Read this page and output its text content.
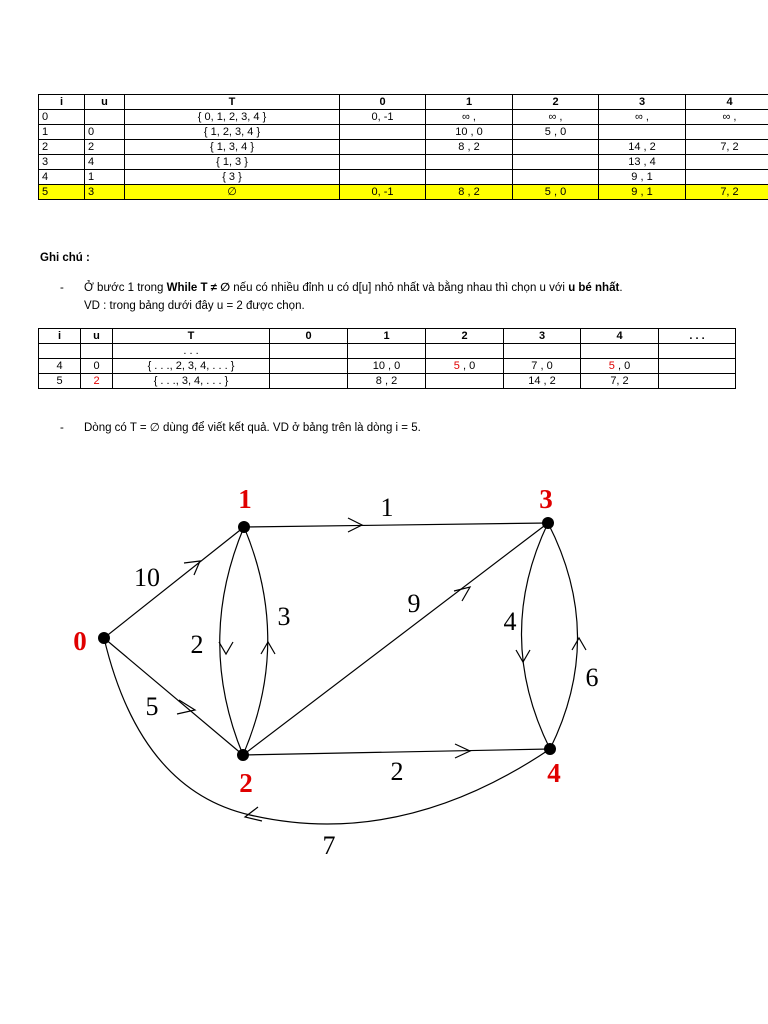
i	u	T	0	1	2	3	4
0		{ 0, 1, 2, 3, 4 }	0, -1	∞ ,	∞ ,	∞ ,	∞ ,
1	0	{ 1, 2, 3, 4 }		10 , 0	5 , 0		
2	2	{ 1, 3, 4 }		8 , 2		14 , 2	7, 2
3	4	{ 1, 3 }				13 , 4	
4	1	{ 3 }				9 , 1	
5	3	∅	0, -1	8 , 2	5 , 0	9 , 1	7, 2
Ghi chú :
- Ở bước 1 trong While T ≠ ∅ nếu có nhiều đỉnh u có d[u] nhỏ nhất và bằng nhau thì chọn u với u bé nhất.
VD : trong bảng dưới đây u = 2 được chọn.
i	u	T	0	1	2	3	4	. . .
		. . .						
4	0	{ . . ., 2, 3, 4, . . . }		10 , 0	5 , 0	7 , 0	5 , 0	
5	2	{ . . ., 3, 4, . . . }		8 , 2		14 , 2	7, 2	
- Dòng có T = ∅ dùng để viết kết quả. VD ở bảng trên là dòng i = 5.
0
1
2
3
4
10
5
2
3
1
9
2
4
6
7
